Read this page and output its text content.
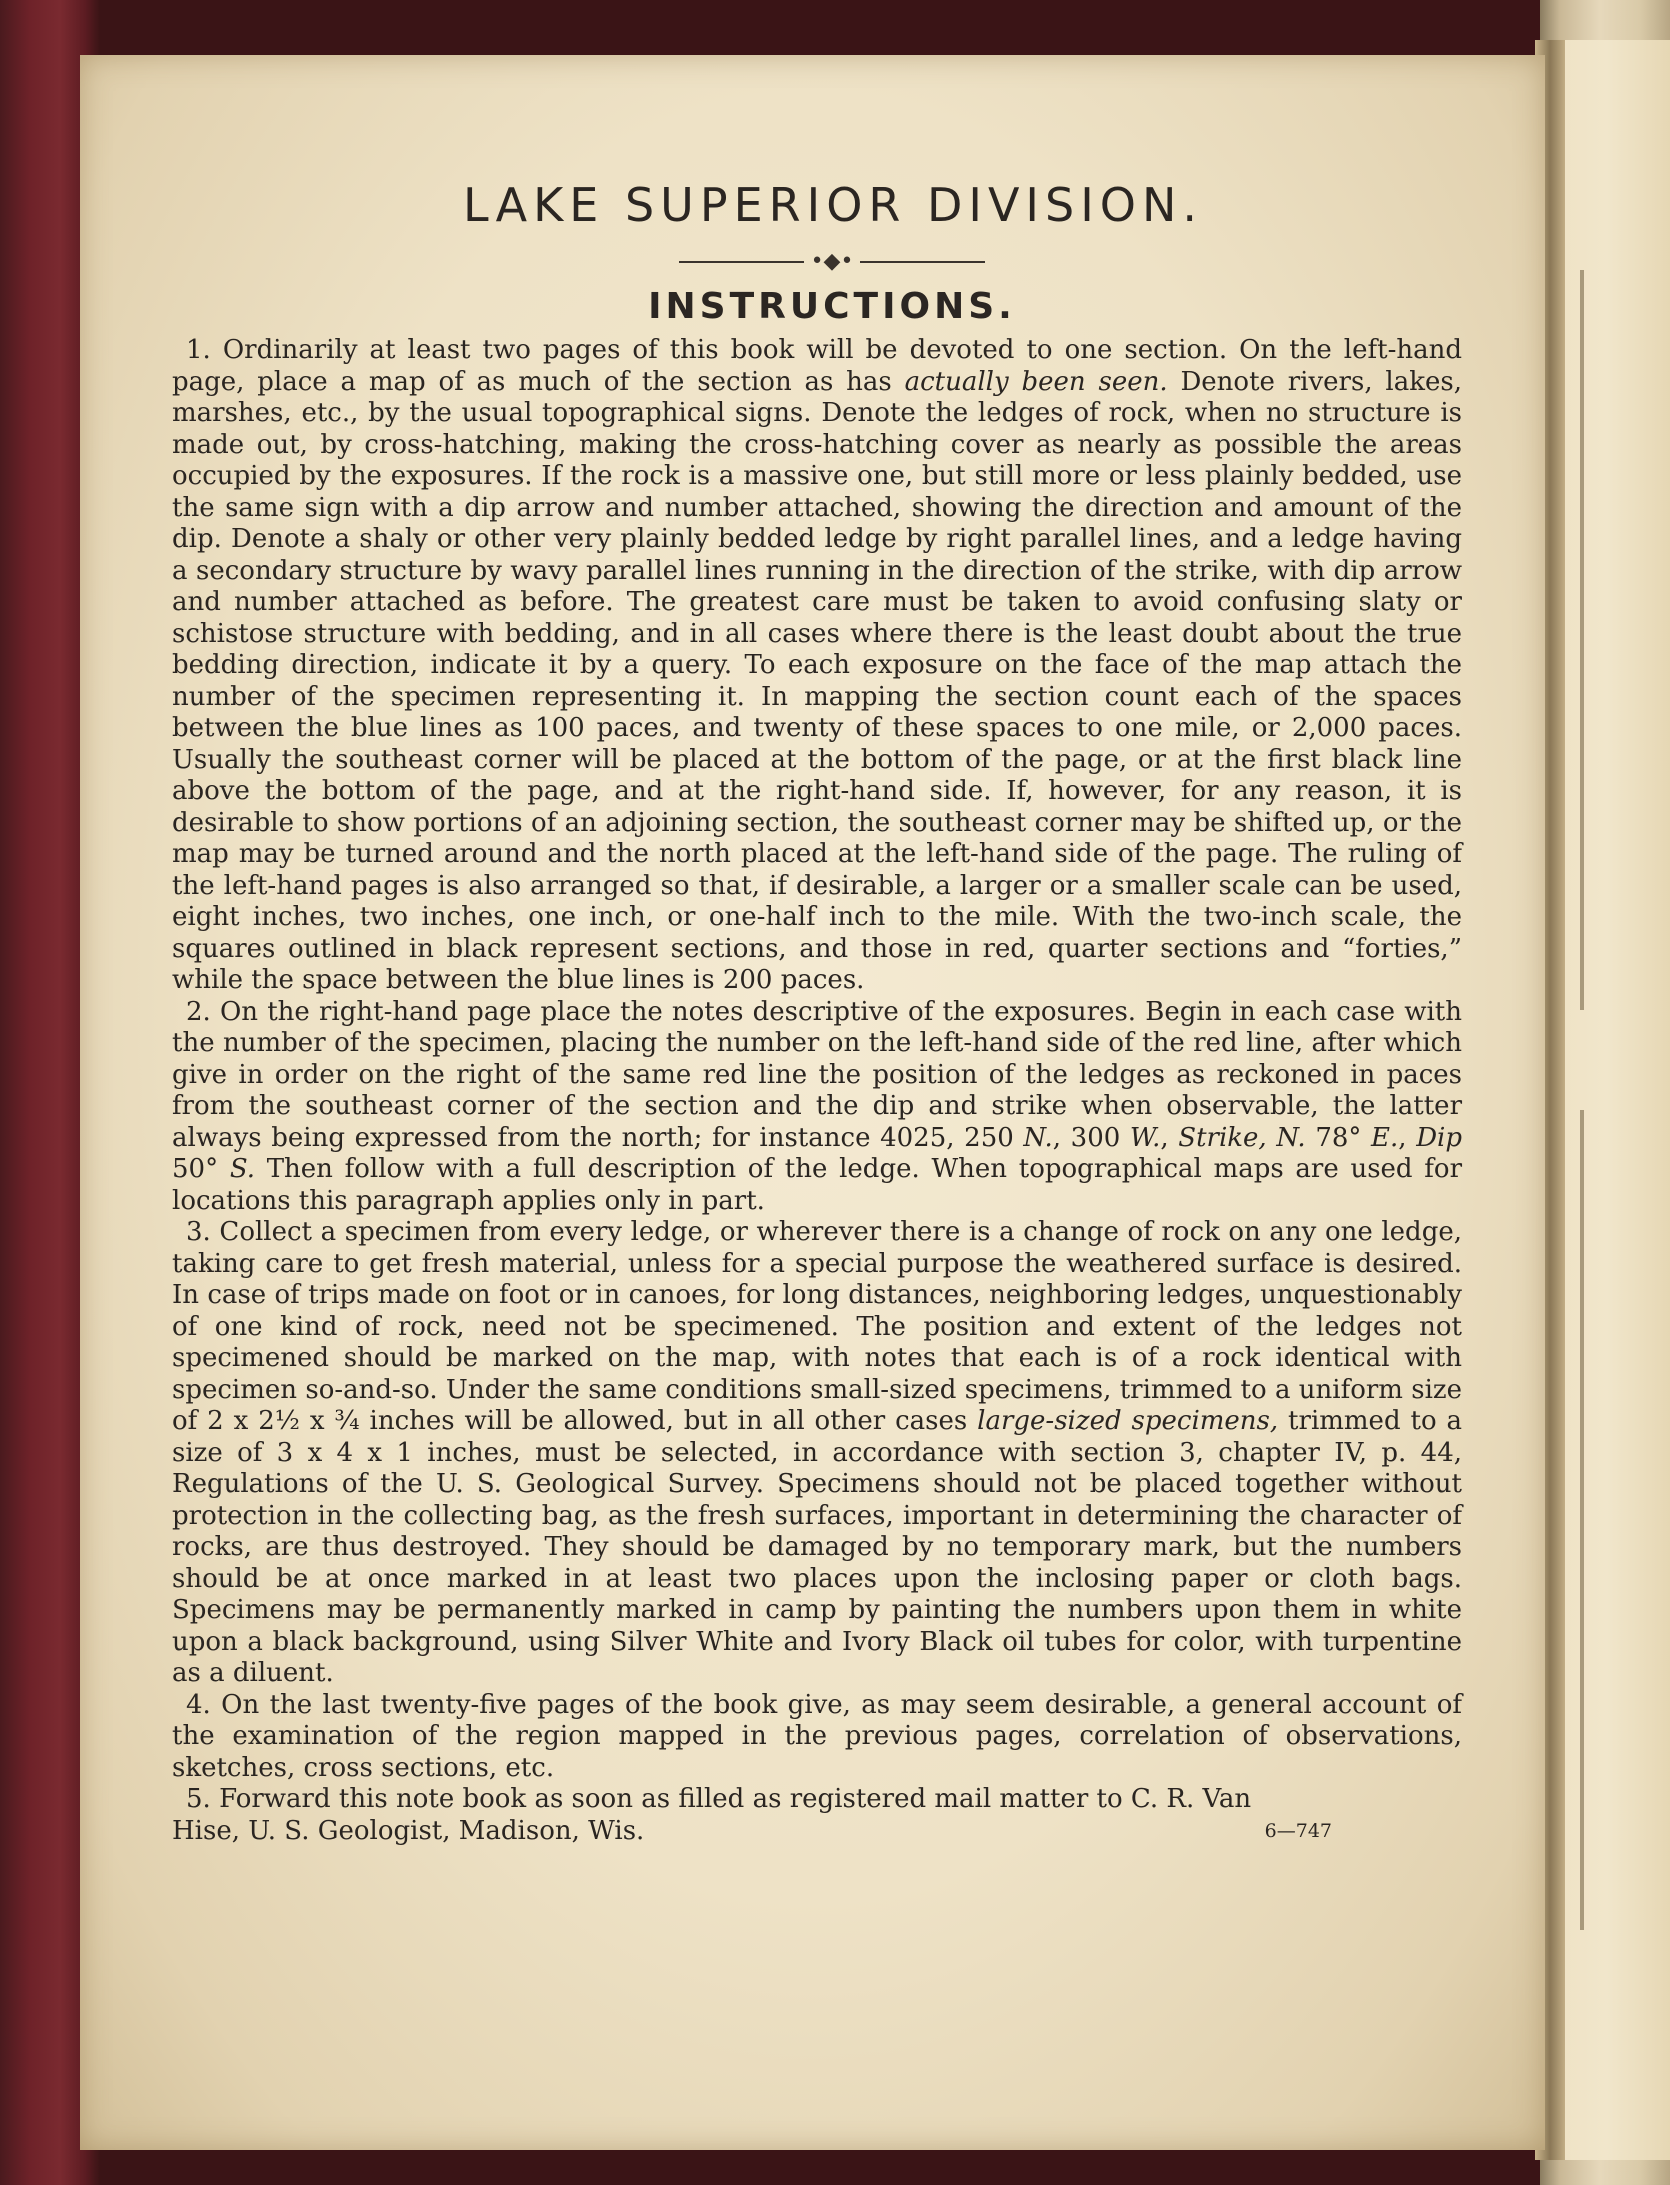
LAKE SUPERIOR DIVISION.
•◆•
INSTRUCTIONS.

1. Ordinarily at least two pages of this book will be devoted to one section. On the left-hand page, place a map of as much of the section as has actually been seen. Denote rivers, lakes, marshes, etc., by the usual topographical signs. Denote the ledges of rock, when no structure is made out, by cross-hatching, making the cross-hatching cover as nearly as possible the areas occupied by the exposures. If the rock is a massive one, but still more or less plainly bedded, use the same sign with a dip arrow and number attached, showing the direction and amount of the dip. Denote a shaly or other very plainly bedded ledge by right parallel lines, and a ledge having a secondary structure by wavy parallel lines running in the direction of the strike, with dip arrow and number attached as before. The greatest care must be taken to avoid confusing slaty or schistose structure with bedding, and in all cases where there is the least doubt about the true bedding direction, indicate it by a query. To each exposure on the face of the map attach the number of the specimen representing it. In mapping the section count each of the spaces between the blue lines as 100 paces, and twenty of these spaces to one mile, or 2,000 paces. Usually the southeast corner will be placed at the bottom of the page, or at the first black line above the bottom of the page, and at the right-hand side. If, however, for any reason, it is desirable to show portions of an adjoining section, the southeast corner may be shifted up, or the map may be turned around and the north placed at the left-hand side of the page. The ruling of the left-hand pages is also arranged so that, if desirable, a larger or a smaller scale can be used, eight inches, two inches, one inch, or one-half inch to the mile. With the two-inch scale, the squares outlined in black represent sections, and those in red, quarter sections and “forties,” while the space between the blue lines is 200 paces.

2. On the right-hand page place the notes descriptive of the exposures. Begin in each case with the number of the specimen, placing the number on the left-hand side of the red line, after which give in order on the right of the same red line the position of the ledges as reckoned in paces from the southeast corner of the section and the dip and strike when observable, the latter always being expressed from the north; for instance 4025, 250 N., 300 W., Strike, N. 78° E., Dip 50° S. Then follow with a full description of the ledge. When topographical maps are used for locations this paragraph applies only in part.

3. Collect a specimen from every ledge, or wherever there is a change of rock on any one ledge, taking care to get fresh material, unless for a special purpose the weathered surface is desired. In case of trips made on foot or in canoes, for long distances, neighboring ledges, unquestionably of one kind of rock, need not be specimened. The position and extent of the ledges not specimened should be marked on the map, with notes that each is of a rock identical with specimen so-and-so. Under the same conditions small-sized specimens, trimmed to a uniform size of 2 x 2½ x ¾ inches will be allowed, but in all other cases large-sized specimens, trimmed to a size of 3 x 4 x 1 inches, must be selected, in accordance with section 3, chapter IV, p. 44, Regulations of the U. S. Geological Survey. Specimens should not be placed together without protection in the collecting bag, as the fresh surfaces, important in determining the character of rocks, are thus destroyed. They should be damaged by no temporary mark, but the numbers should be at once marked in at least two places upon the inclosing paper or cloth bags. Specimens may be permanently marked in camp by painting the numbers upon them in white upon a black background, using Silver White and Ivory Black oil tubes for color, with turpentine as a diluent.

4. On the last twenty-five pages of the book give, as may seem desirable, a general account of the examination of the region mapped in the previous pages, correlation of observations, sketches, cross sections, etc.

5. Forward this note book as soon as filled as registered mail matter to C. R. Van

Hise, U. S. Geologist, Madison, Wis.	6—747
